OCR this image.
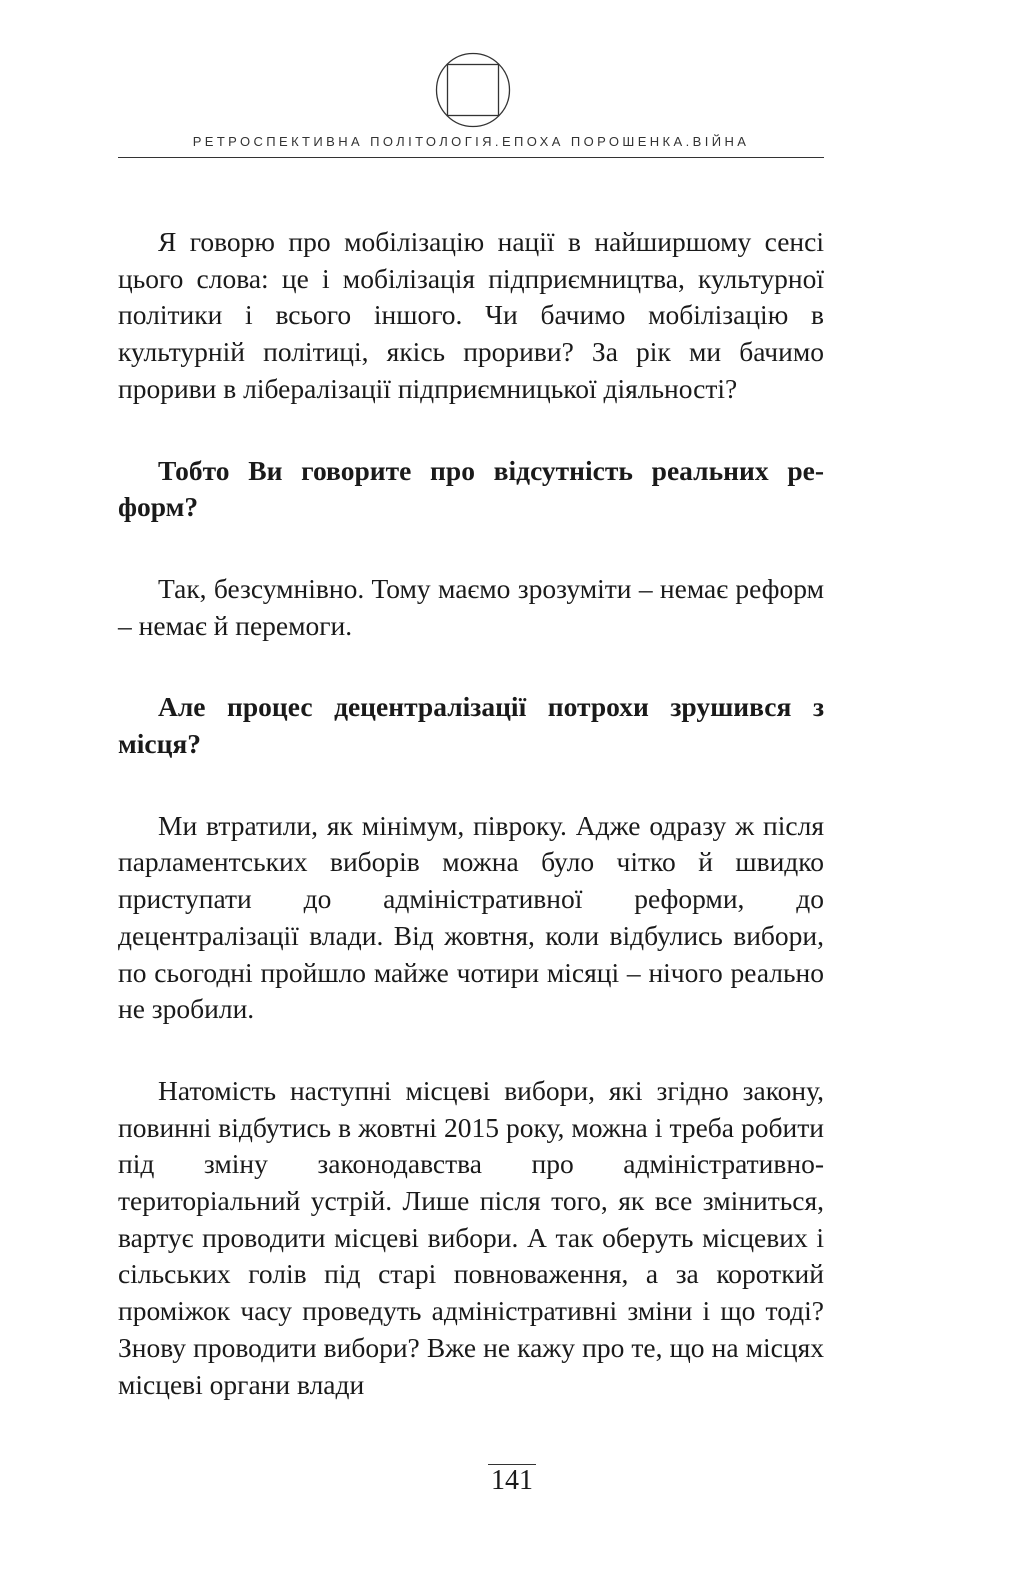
РЕТРОСПЕКТИВНА ПОЛІТОЛОГІЯ.ЕПОХА ПОРОШЕНКА.ВІЙНА

Я говорю про мобілізацію нації в найширшому сенсі цього слова: це і мобілізація підприємництва, культурної політики і всього іншого. Чи бачимо мобілізацію в культурній політиці, якісь прориви? За рік ми бачимо прориви в лібералізації підприємницької діяльності?

Тобто Ви говорите про відсутність реальних реформ?

Так, безсумнівно. Тому маємо зрозуміти – немає реформ – немає й перемоги.

Але процес децентралізації потрохи зрушився з місця?

Ми втратили, як мінімум, півроку. Адже одразу ж після парламентських виборів можна було чітко й швидко приступати до адміністративної реформи, до децентралізації влади. Від жовтня, коли відбулись вибори, по сьогодні пройшло майже чотири місяці – нічого реально не зробили.

Натомість наступні місцеві вибори, які згідно закону, повинні відбутись в жовтні 2015 року, можна і треба робити під зміну законодавства про адміністративно-територіальний устрій. Лише після того, як все зміниться, вартує проводити місцеві вибори. А так оберуть місцевих і сільських голів під старі повноваження, а за короткий проміжок часу проведуть адміністративні зміни і що тоді? Знову проводити вибори? Вже не кажу про те, що на місцях місцеві органи влади

141
